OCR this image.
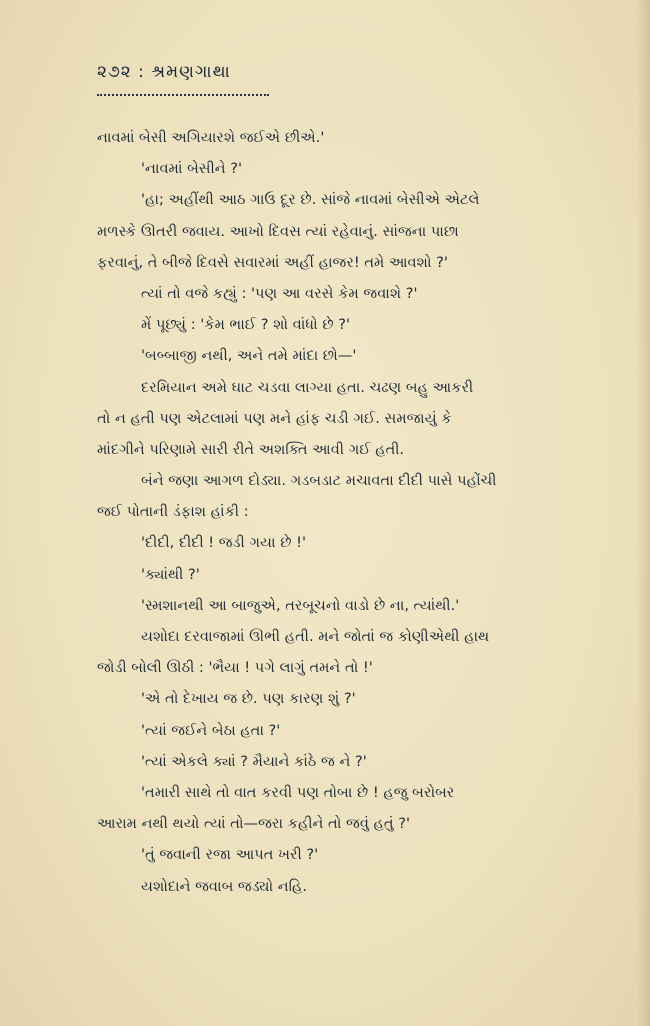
૨૭૨ : શ્રમણગાથા
નાવમાં બેસી અગિયારશે જઈએ છીએ.'
'નાવમાં બેસીને ?'
'હા; અહીંથી આઠ ગાઉ દૂર છે. સાંજે નાવમાં બેસીએ એટલે
મળસ્કે ઊતરી જવાય. આખો દિવસ ત્યાં રહેવાનું. સાંજના પાછા
ફરવાનું, તે બીજે દિવસે સવારમાં અહીં હાજર! તમે આવશો ?'
ત્યાં તો વજે કહ્યું : 'પણ આ વરસે કેમ જવાશે ?'
મેં પૂછ્યું : 'કેમ ભાઈ ? શો વાંધો છે ?'
'બબ્બાજી નથી, અને તમે માંદા છો—'
દરમિયાન અમે ઘાટ ચડવા લાગ્યા હતા. ચઢણ બહુ આકરી
તો ન હતી પણ એટલામાં પણ મને હાંફ ચડી ગઈ. સમજાયું કે
માંદગીને પરિણામે સારી રીતે અશક્તિ આવી ગઈ હતી.
બંને જણા આગળ દોડ્યા. ગડબડાટ મચાવતા દીદી પાસે પહોંચી
જઈ પોતાની ડંફાશ હાંકી :
'દીદી, દીદી ! જડી ગયા છે !'
'ક્યાંથી ?'
'સ્મશાનથી આ બાજુએ, તરબૂચનો વાડો છે ના, ત્યાંથી.'
યશોદા દરવાજામાં ઊભી હતી. મને જોતાં જ કોણીએથી હાથ
જોડી બોલી ઊઠી : 'ભૈયા ! પગે લાગું તમને તો !'
'એ તો દેખાય જ છે. પણ કારણ શું ?'
'ત્યાં જઈને બેઠા હતા ?'
'ત્યાં એકલે ક્યાં ? મૈયાને કાંઠે જ ને ?'
'તમારી સાથે તો વાત કરવી પણ તોબા છે ! હજુ બરોબર
આરામ નથી થયો ત્યાં તો—જરા કહીને તો જવું હતું ?'
'તું જવાની રજા આપત ખરી ?'
યશોદાને જવાબ જડ્યો નહિ.
